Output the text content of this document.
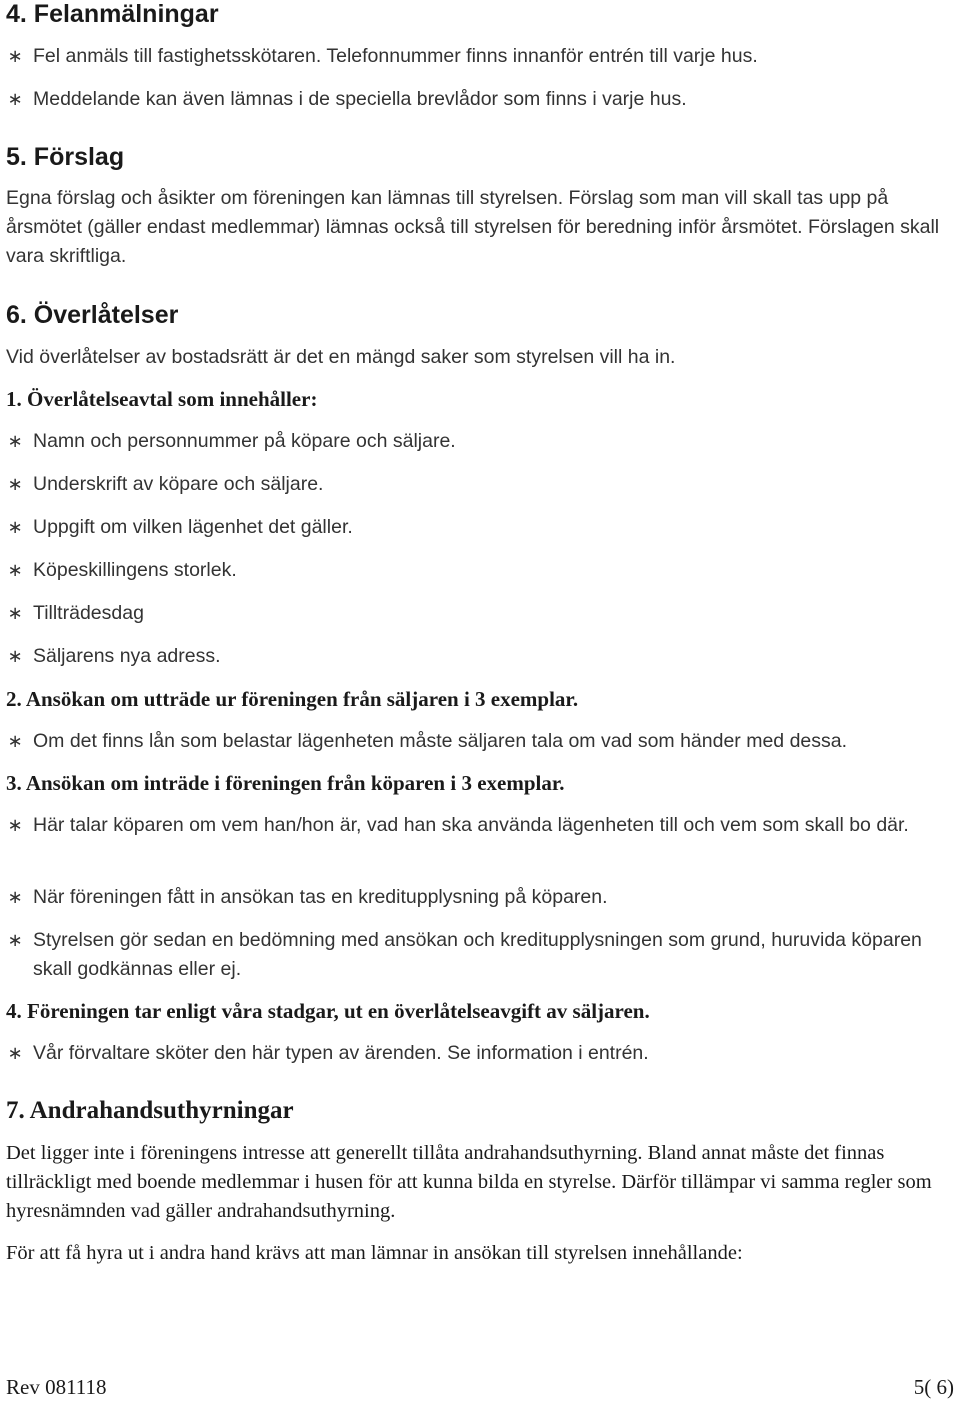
4. Felanmälningar
∗ Fel anmäls till fastighetsskötaren. Telefonnummer finns innanför entrén till varje hus.
∗ Meddelande kan även lämnas i de speciella brevlådor som finns i varje hus.
5. Förslag
Egna förslag och åsikter om föreningen kan lämnas till styrelsen. Förslag som man vill skall tas upp på årsmötet (gäller endast medlemmar) lämnas också till styrelsen för beredning inför årsmötet. Förslagen skall vara skriftliga.
6. Överlåtelser
Vid överlåtelser av bostadsrätt är det en mängd saker som styrelsen vill ha in.
1. Överlåtelseavtal som innehåller:
∗ Namn och personnummer på köpare och säljare.
∗ Underskrift av köpare och säljare.
∗ Uppgift om vilken lägenhet det gäller.
∗ Köpeskillingens storlek.
∗ Tillträdesdag
∗ Säljarens nya adress.
2. Ansökan om utträde ur föreningen från säljaren i 3 exemplar.
∗ Om det finns lån som belastar lägenheten måste säljaren tala om vad som händer med dessa.
3. Ansökan om inträde i föreningen från köparen i 3 exemplar.
∗ Här talar köparen om vem han/hon är, vad han ska använda lägenheten till och vem som skall bo där.
∗ När föreningen fått in ansökan tas en kreditupplysning på köparen.
∗ Styrelsen gör sedan en bedömning med ansökan och kreditupplysningen som grund, huruvida köparen skall godkännas eller ej.
4. Föreningen tar enligt våra stadgar, ut en överlåtelseavgift av säljaren.
∗ Vår förvaltare sköter den här typen av ärenden. Se information i entrén.
7. Andrahandsuthyrningar
Det ligger inte i föreningens intresse att generellt tillåta andrahandsuthyrning. Bland annat måste det finnas tillräckligt med boende medlemmar i husen för att kunna bilda en styrelse. Därför tillämpar vi samma regler som hyresnämnden vad gäller andrahandsuthyrning.
För att få hyra ut i andra hand krävs att man lämnar in ansökan till styrelsen innehållande:
Rev 081118	5( 6)
